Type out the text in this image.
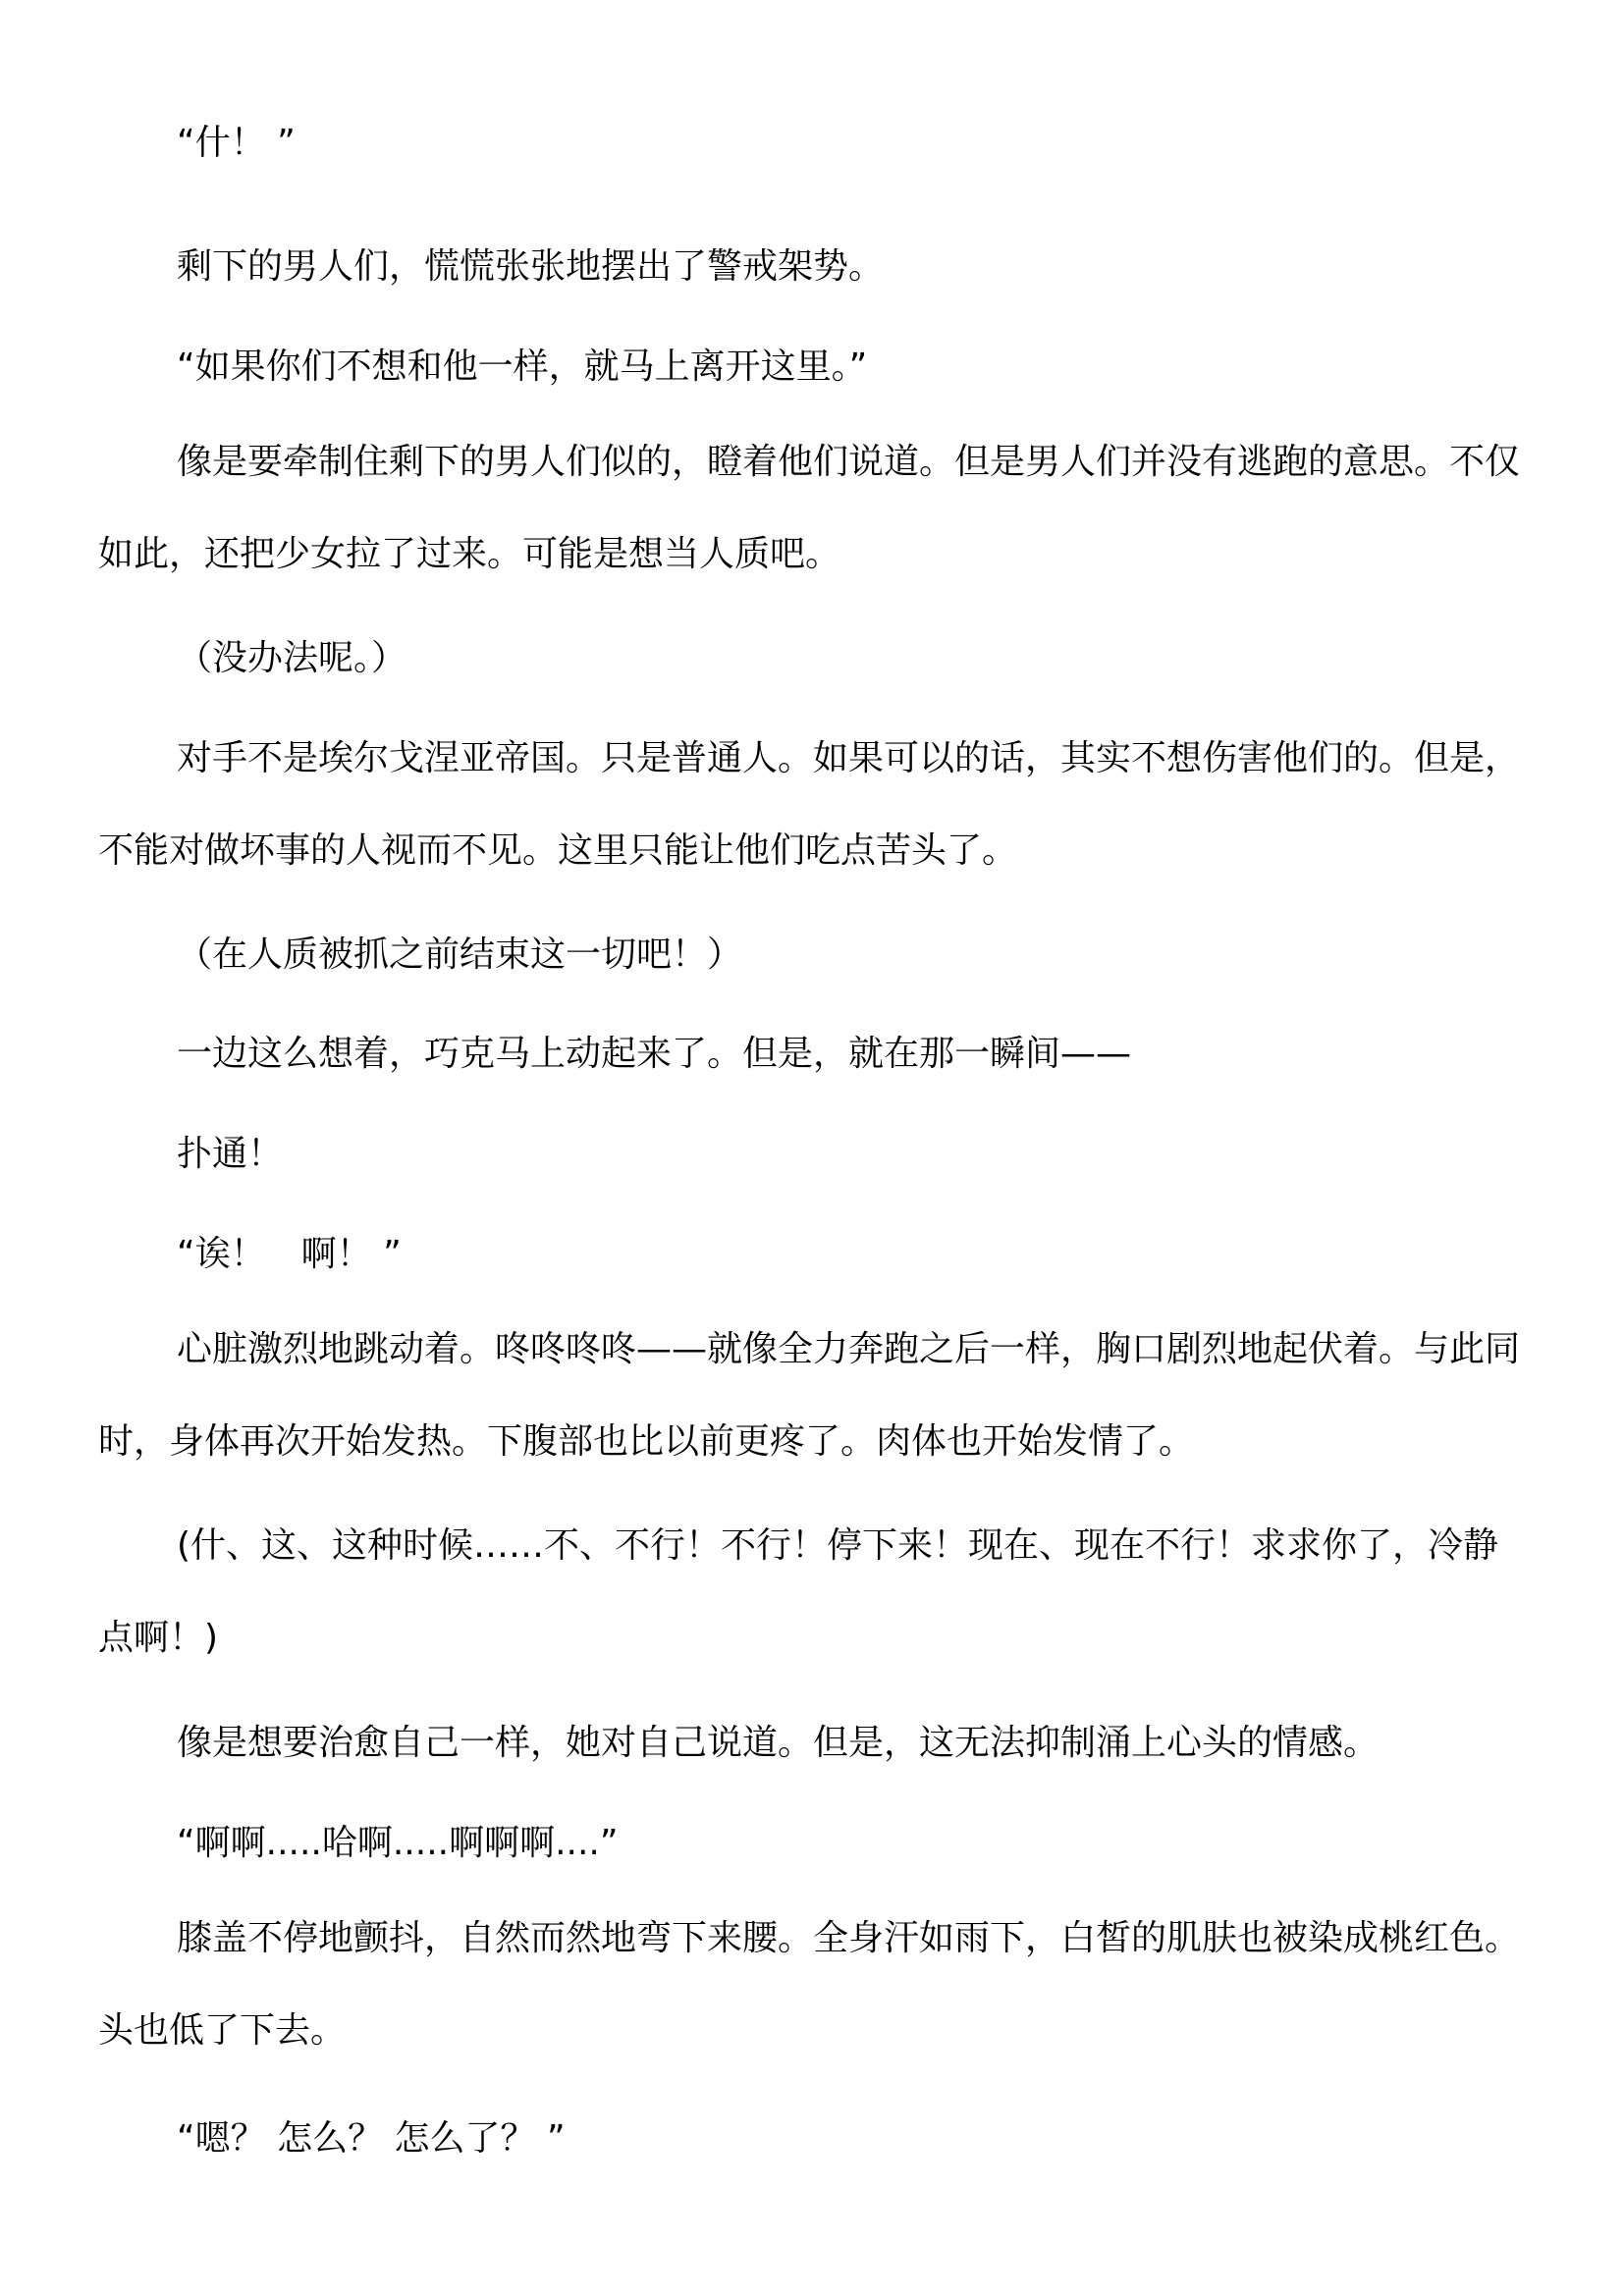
“什！ ”

剩下的男人们，慌慌张张地摆出了警戒架势。

“如果你们不想和他一样，就马上离开这里。”

像是要牵制住剩下的男人们似的，瞪着他们说道。但是男人们并没有逃跑的意思。不仅如此，还把少女拉了过来。可能是想当人质吧。

（没办法呢。）

对手不是埃尔戈涅亚帝国。只是普通人。如果可以的话，其实不想伤害他们的。但是，不能对做坏事的人视而不见。这里只能让他们吃点苦头了。

（在人质被抓之前结束这一切吧！）

一边这么想着，巧克马上动起来了。但是，就在那一瞬间——

扑通！

“诶！　啊！ ”

心脏激烈地跳动着。咚咚咚咚——就像全力奔跑之后一样，胸口剧烈地起伏着。与此同时，身体再次开始发热。下腹部也比以前更疼了。肉体也开始发情了。

(什、这、这种时候……不、不行！不行！停下来！现在、现在不行！求求你了，冷静点啊！)

像是想要治愈自己一样，她对自己说道。但是，这无法抑制涌上心头的情感。

“啊啊.....哈啊.....啊啊啊....”

膝盖不停地颤抖，自然而然地弯下来腰。全身汗如雨下，白皙的肌肤也被染成桃红色。头也低了下去。

“嗯？ 怎么？ 怎么了？ ”
